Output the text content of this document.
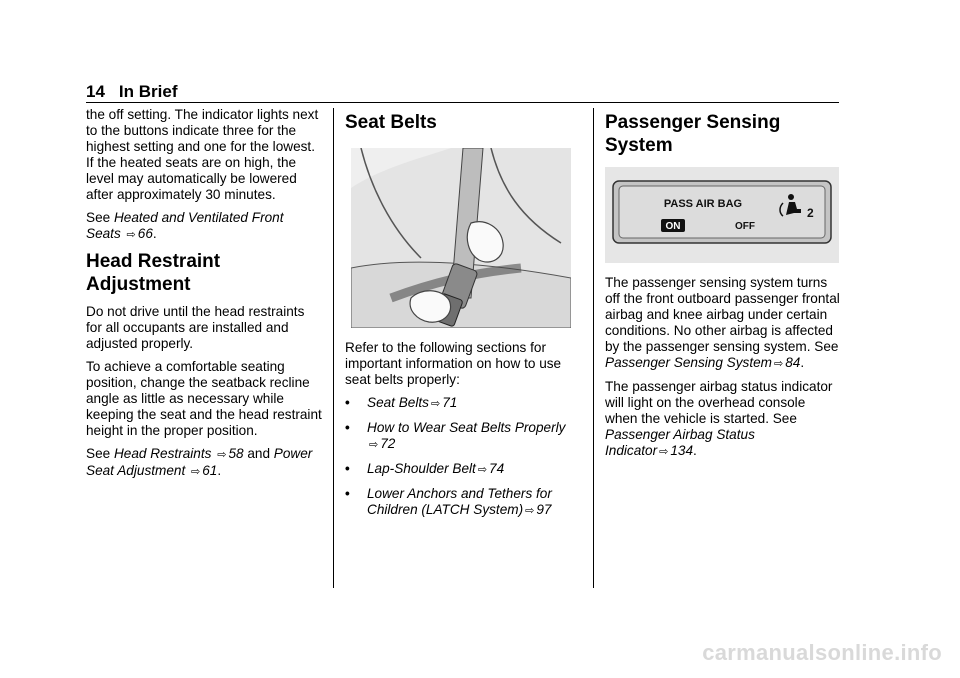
14 In Brief

the off setting. The indicator lights next to the buttons indicate three for the highest setting and one for the lowest. If the heated seats are on high, the level may automatically be lowered after approximately 30 minutes.

See Heated and Ventilated Front Seats ⇨ 66.

Head Restraint Adjustment

Do not drive until the head restraints for all occupants are installed and adjusted properly.

To achieve a comfortable seating position, change the seatback recline angle as little as necessary while keeping the seat and the head restraint height in the proper position.

See Head Restraints ⇨ 58 and Power Seat Adjustment ⇨ 61.

Seat Belts

Refer to the following sections for important information on how to use seat belts properly:

•	Seat Belts ⇨ 71
•	How to Wear Seat Belts Properly
⇨ 72
•	Lap-Shoulder Belt ⇨ 74
•	Lower Anchors and Tethers for Children (LATCH System) ⇨ 97
Passenger Sensing System
PASS AIR BAG
ON	OFF
2

The passenger sensing system turns off the front outboard passenger frontal airbag and knee airbag under certain conditions. No other airbag is affected by the passenger sensing system. See Passenger Sensing System ⇨ 84.

The passenger airbag status indicator will light on the overhead console when the vehicle is started. See Passenger Airbag Status Indicator ⇨ 134.

carmanualsonline.info
